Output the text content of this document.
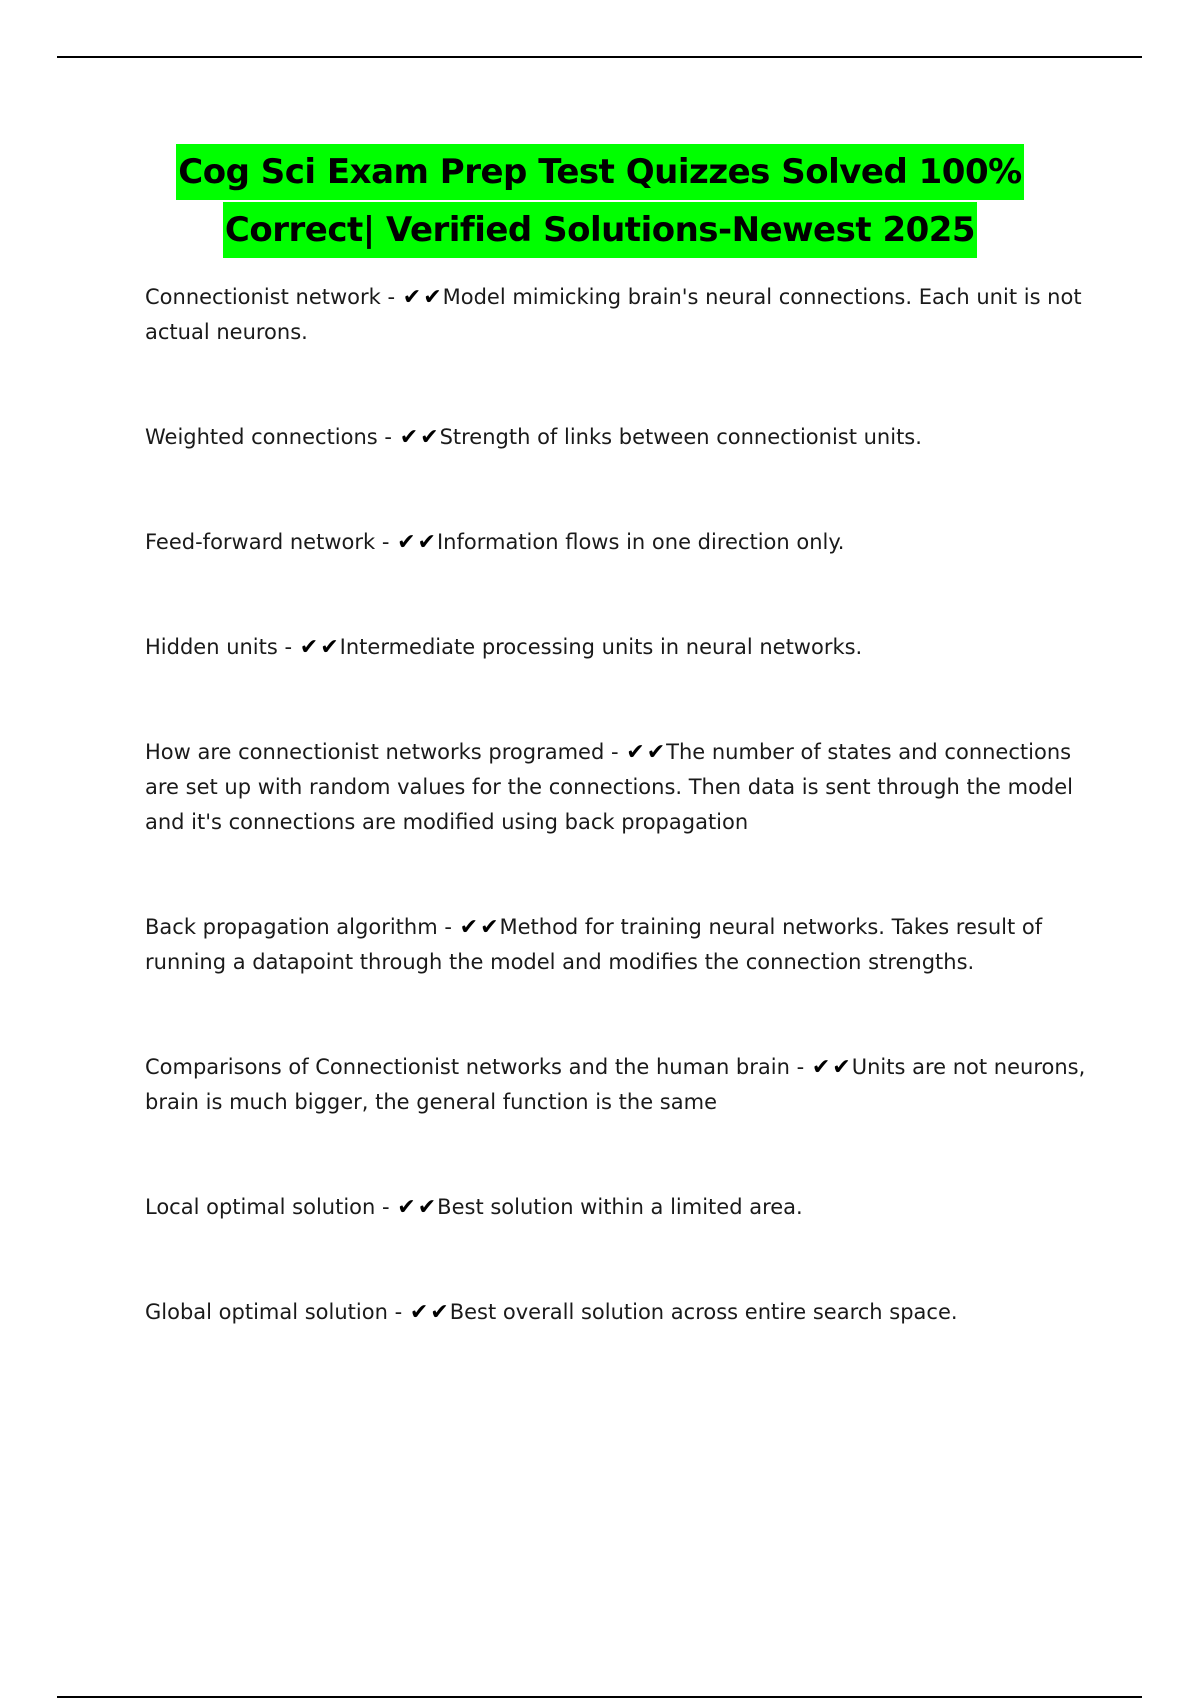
Cog Sci Exam Prep Test Quizzes Solved 100%
Correct| Verified Solutions-Newest 2025

Connectionist network - ✔✔Model mimicking brain's neural connections. Each unit is not actual neurons.

Weighted connections - ✔✔Strength of links between connectionist units.

Feed-forward network - ✔✔Information flows in one direction only.

Hidden units - ✔✔Intermediate processing units in neural networks.

How are connectionist networks programed - ✔✔The number of states and connections are set up with random values for the connections. Then data is sent through the model and it's connections are modified using back propagation

Back propagation algorithm - ✔✔Method for training neural networks. Takes result of running a datapoint through the model and modifies the connection strengths.

Comparisons of Connectionist networks and the human brain - ✔✔Units are not neurons, brain is much bigger, the general function is the same

Local optimal solution - ✔✔Best solution within a limited area.

Global optimal solution - ✔✔Best overall solution across entire search space.
